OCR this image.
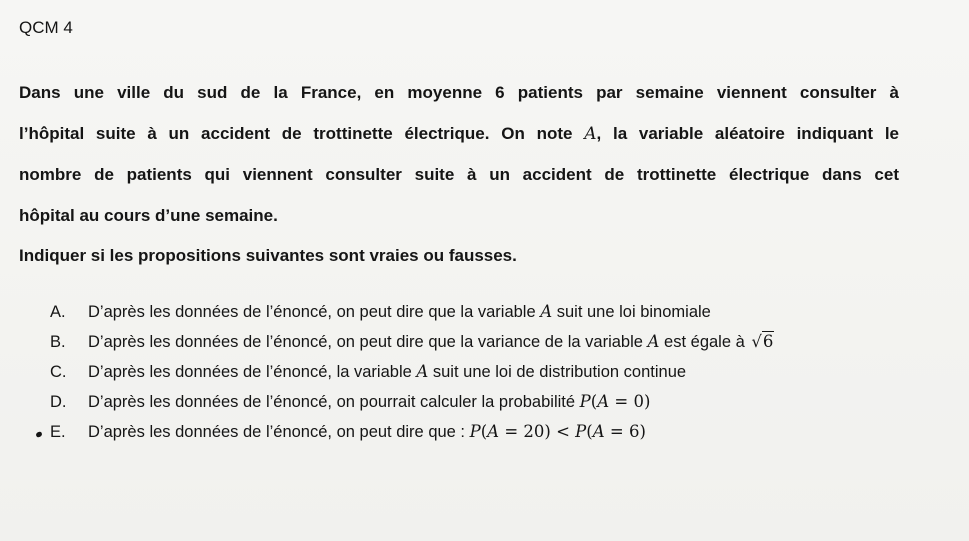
QCM 4
Dans une ville du sud de la France, en moyenne 6 patients par semaine viennent consulter à
l’hôpital suite à un accident de trottinette électrique. On note A, la variable aléatoire indiquant le
nombre de patients qui viennent consulter suite à un accident de trottinette électrique dans cet
hôpital au cours d’une semaine.
Indiquer si les propositions suivantes sont vraies ou fausses.
A.	D’après les données de l’énoncé, on peut dire que la variable A suit une loi binomiale
B.	D’après les données de l’énoncé, on peut dire que la variance de la variable A est égale à √6
C.	D’après les données de l’énoncé, la variable A suit une loi de distribution continue
D.	D’après les données de l’énoncé, on pourrait calculer la probabilité P(A = 0)
E.	D’après les données de l’énoncé, on peut dire que : P(A = 20) < P(A = 6)
